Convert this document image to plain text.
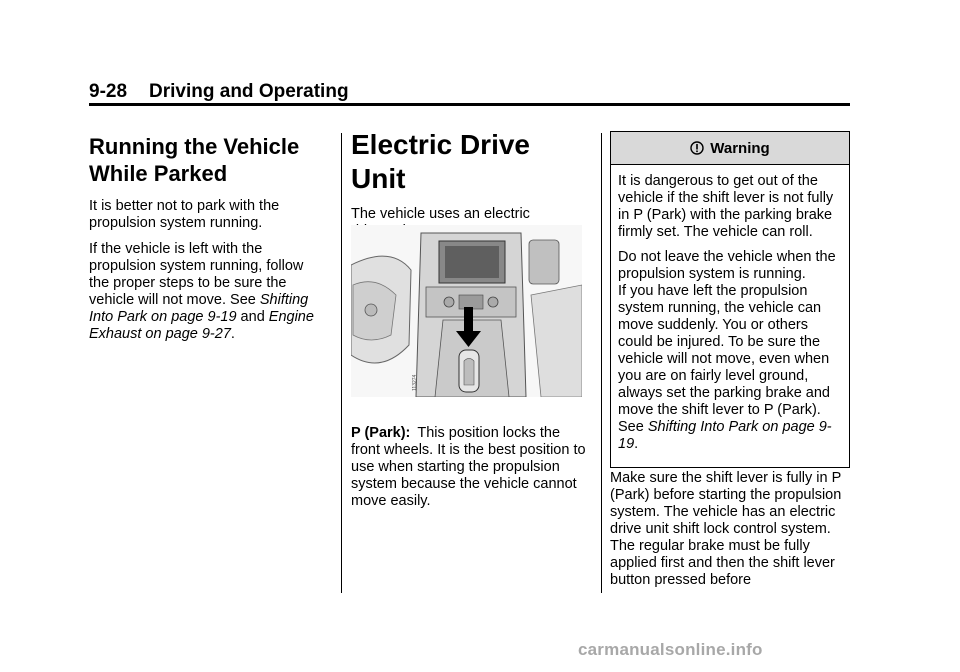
9-28 Driving and Operating
Running the Vehicle
While Parked

It is better not to park with the propulsion system running.

If the vehicle is left with the propulsion system running, follow the proper steps to be sure the vehicle will not move. See Shifting Into Park on page 9-19 and Engine Exhaust on page 9-27.

Electric Drive Unit

The vehicle uses an electric

113274

P (Park): This position locks the front wheels. It is the best position to use when starting the propulsion system because the vehicle cannot move easily.

Warning

It is dangerous to get out of the vehicle if the shift lever is not fully in P (Park) with the parking brake firmly set. The vehicle can roll.

Do not leave the vehicle when the propulsion system is running.

If you have left the propulsion system running, the vehicle can move suddenly. You or others could be injured. To be sure the vehicle will not move, even when you are on fairly level ground, always set the parking brake and move the shift lever to P (Park). See Shifting Into Park on page 9-19.

Make sure the shift lever is fully in P (Park) before starting the propulsion system. The vehicle has an electric drive unit shift lock control system. The regular brake must be fully applied first and then the shift lever button pressed before

carmanualsonline.info
